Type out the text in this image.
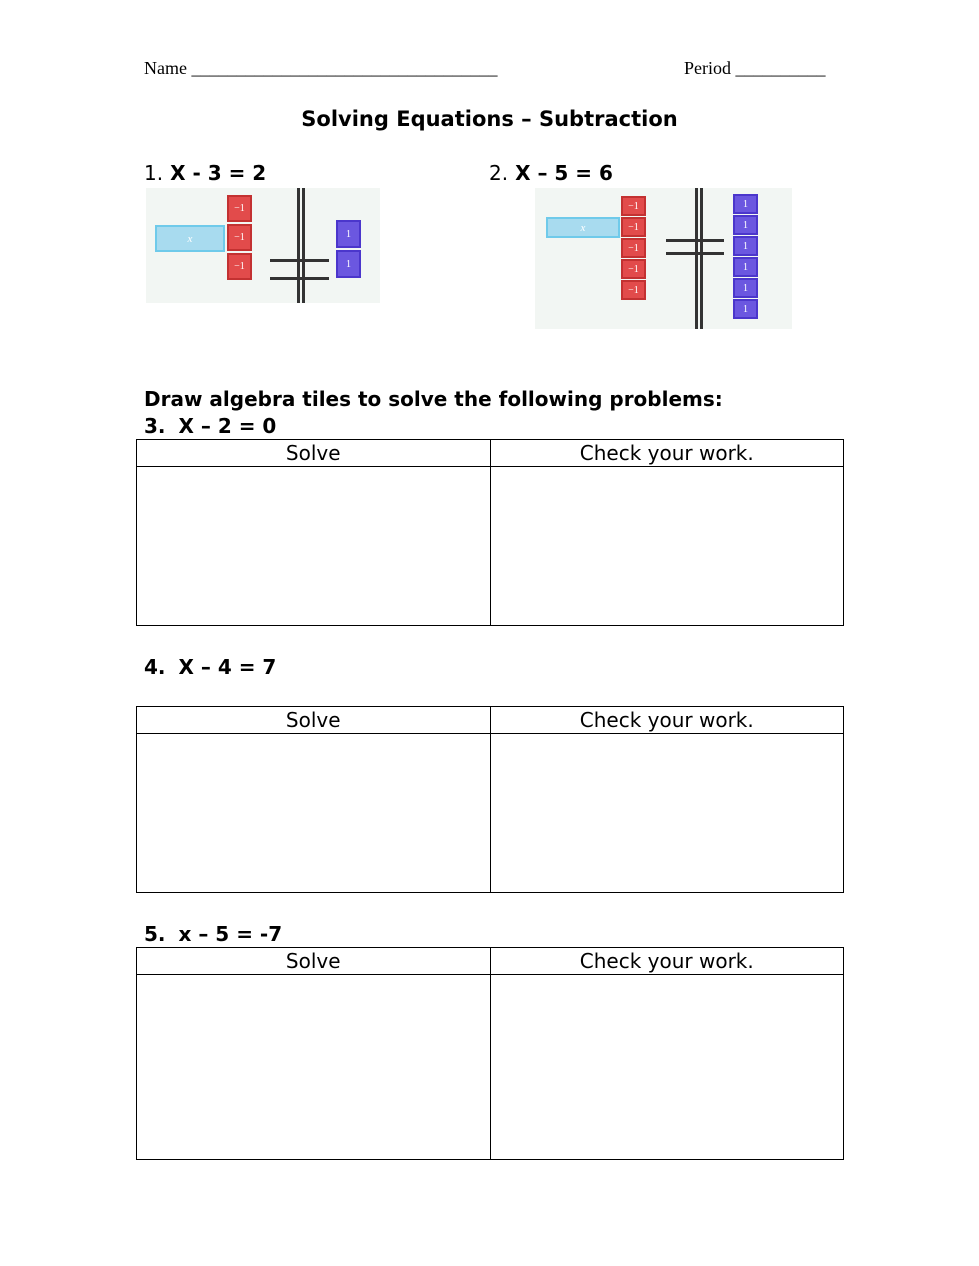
Name __________________________________	Period __________
Solving Equations – Subtraction
1. X - 3 = 2
x
−1
−1
−1
1
1
2. X – 5 = 6
x
−1
−1
−1
−1
−1
1
1
1
1
1
1
Draw algebra tiles to solve the following problems:
3. X – 2 = 0
Solve	Check your work.

4. X – 4 = 7
Solve	Check your work.

5. x – 5 = -7
Solve	Check your work.
